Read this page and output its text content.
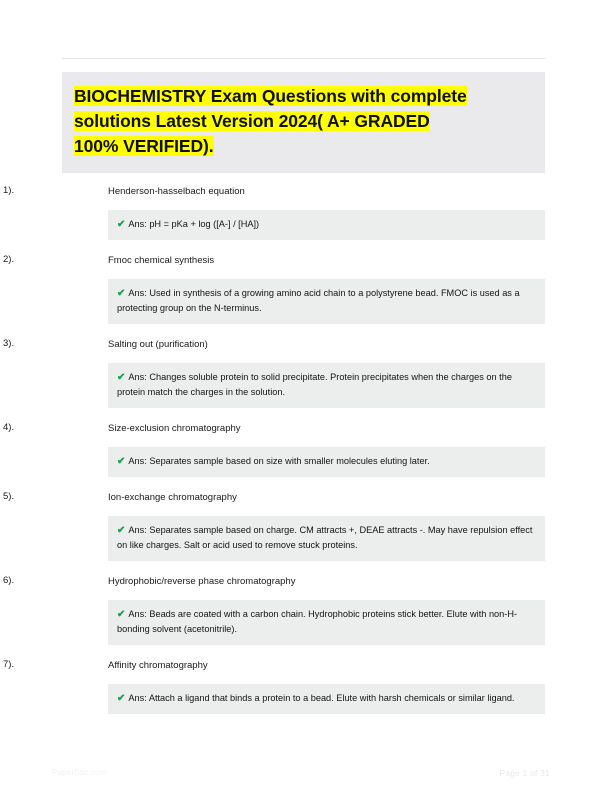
BIOCHEMISTRY Exam Questions with complete
solutions Latest Version 2024( A+ GRADED
100% VERIFIED).
1).	Henderson-hasselbach equation

✔ Ans: pH = pKa + log ([A-] / [HA])

2).	Fmoc chemical synthesis

✔ Ans: Used in synthesis of a growing amino acid chain to a polystyrene bead. FMOC is used as a protecting group on the N-terminus.

3).	Salting out (purification)

✔ Ans: Changes soluble protein to solid precipitate. Protein precipitates when the charges on the protein match the charges in the solution.

4).	Size-exclusion chromatography

✔ Ans: Separates sample based on size with smaller molecules eluting later.

5).	Ion-exchange chromatography

✔ Ans: Separates sample based on charge. CM attracts +, DEAE attracts -. May have repulsion effect on like charges. Salt or acid used to remove stuck proteins.

6).	Hydrophobic/reverse phase chromatography

✔ Ans: Beads are coated with a carbon chain. Hydrophobic proteins stick better. Elute with non-H-bonding solvent (acetonitrile).

7).	Affinity chromatography

✔ Ans: Attach a ligand that binds a protein to a bead. Elute with harsh chemicals or similar ligand.

PaperStic.com	Page 1 of 31
